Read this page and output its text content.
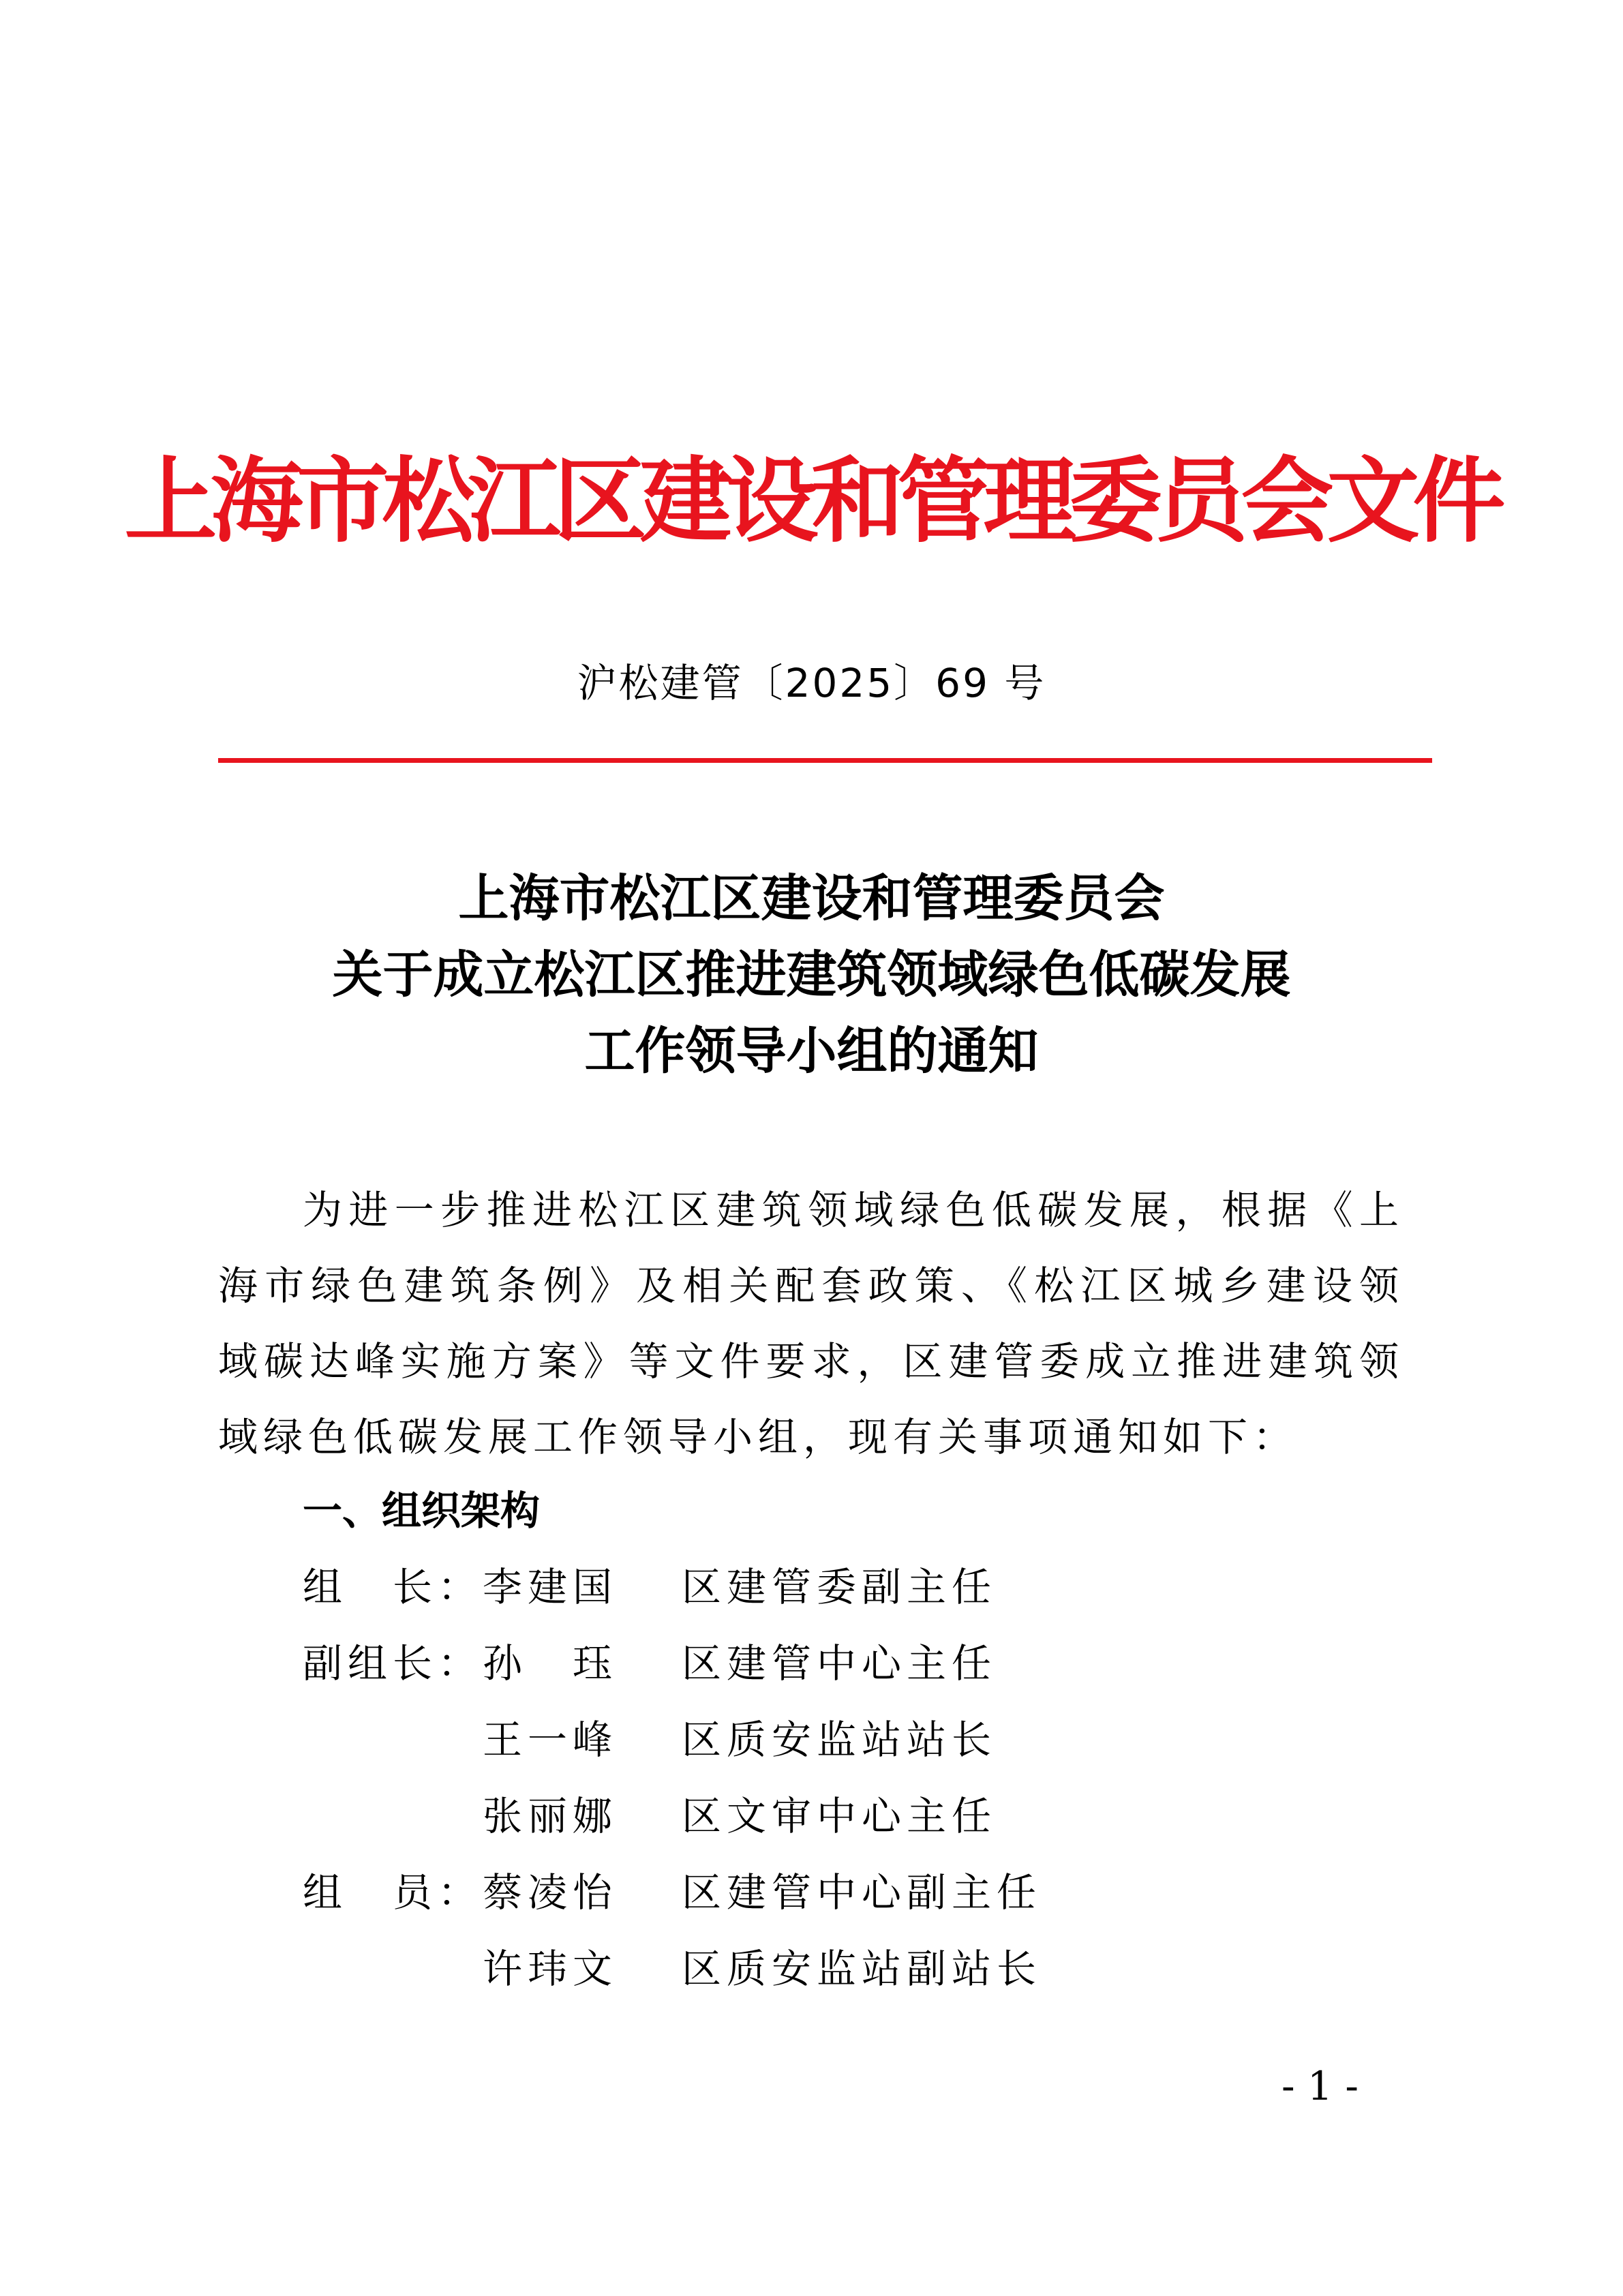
上海市松江区建设和管理委员会文件
沪松建管〔2025〕69 号
上海市松江区建设和管理委员会
关于成立松江区推进建筑领域绿色低碳发展
工作领导小组的通知
为进一步推进松江区建筑领域绿色低碳发展，根据《上海市绿色建筑条例》及相关配套政策、《松江区城乡建设领域碳达峰实施方案》等文件要求，区建管委成立推进建筑领域绿色低碳发展工作领导小组，现有关事项通知如下：
一、组织架构
组　长： 李建国 区建管委副主任
副组长： 孙　珏 区建管中心主任
王一峰 区质安监站站长
张丽娜 区文审中心主任
组　员： 蔡凌怡 区建管中心副主任
许玮文 区质安监站副站长
- 1 -
